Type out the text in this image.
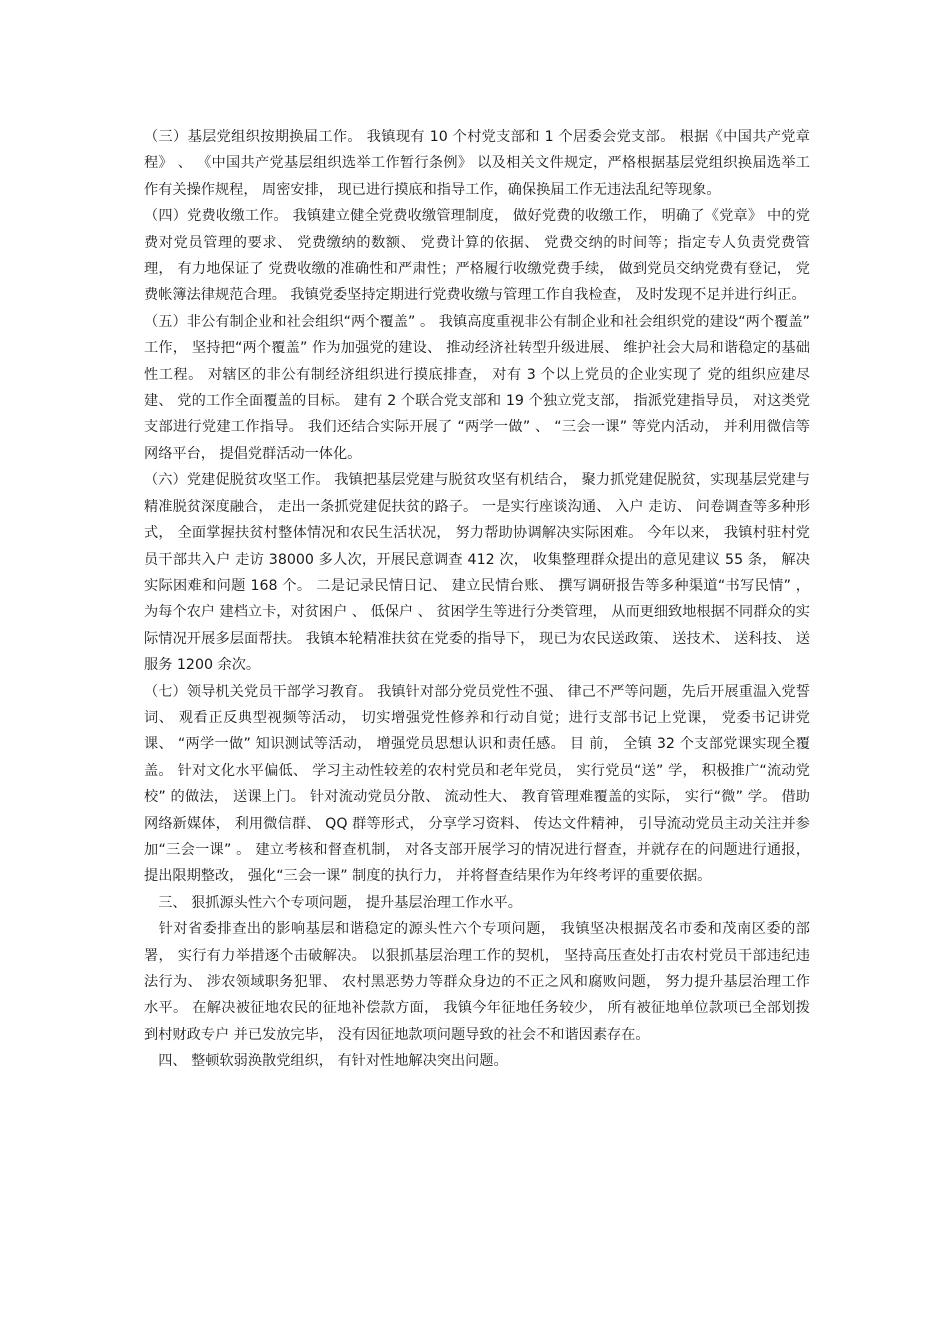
（三）基层党组织按期换届工作。 我镇现有 10 个村党支部和 1 个居委会党支部。 根据《中国共产党章程》 、 《中国共产党基层组织选举工作暂行条例》 以及相关文件规定，严格根据基层党组织换届选举工作有关操作规程， 周密安排， 现已进行摸底和指导工作，确保换届工作无违法乱纪等现象。

（四）党费收缴工作。 我镇建立健全党费收缴管理制度， 做好党费的收缴工作， 明确了《党章》 中的党费对党员管理的要求、 党费缴纳的数额、 党费计算的依据、 党费交纳的时间等；指定专人负责党费管理， 有力地保证了 党费收缴的准确性和严肃性；严格履行收缴党费手续， 做到党员交纳党费有登记， 党费帐簿法律规范合理。 我镇党委坚持定期进行党费收缴与管理工作自我检查， 及时发现不足并进行纠正。

（五）非公有制企业和社会组织“两个覆盖” 。 我镇高度重视非公有制企业和社会组织党的建设“两个覆盖” 工作， 坚持把“两个覆盖” 作为加强党的建设、 推动经济社转型升级进展、 维护社会大局和谐稳定的基础性工程。 对辖区的非公有制经济组织进行摸底排查， 对有 3 个以上党员的企业实现了 党的组织应建尽建、 党的工作全面覆盖的目标。 建有 2 个联合党支部和 19 个独立党支部， 指派党建指导员， 对这类党支部进行党建工作指导。 我们还结合实际开展了 “两学一做” 、 “三会一课” 等党内活动， 并利用微信等网络平台， 提倡党群活动一体化。

（六）党建促脱贫攻坚工作。 我镇把基层党建与脱贫攻坚有机结合， 聚力抓党建促脱贫，实现基层党建与精准脱贫深度融合， 走出一条抓党建促扶贫的路子。 一是实行座谈沟通、 入户 走访、 问卷调查等多种形式， 全面掌握扶贫村整体情况和农民生活状况， 努力帮助协调解决实际困难。 今年以来， 我镇村驻村党员干部共入户 走访 38000 多人次，开展民意调查 412 次， 收集整理群众提出的意见建议 55 条， 解决实际困难和问题 168 个。 二是记录民情日记、 建立民情台账、 撰写调研报告等多种渠道“书写民情” ， 为每个农户 建档立卡，对贫困户 、 低保户 、 贫困学生等进行分类管理， 从而更细致地根据不同群众的实际情况开展多层面帮扶。 我镇本轮精准扶贫在党委的指导下， 现已为农民送政策、 送技术、 送科技、 送服务 1200 余次。

（七）领导机关党员干部学习教育。 我镇针对部分党员党性不强、 律己不严等问题，先后开展重温入党誓词、 观看正反典型视频等活动， 切实增强党性修养和行动自觉；进行支部书记上党课， 党委书记讲党课、 “两学一做” 知识测试等活动， 增强党员思想认识和责任感。 目 前， 全镇 32 个支部党课实现全覆盖。 针对文化水平偏低、 学习主动性较差的农村党员和老年党员， 实行党员“送” 学， 积极推广“流动党校” 的做法， 送课上门。 针对流动党员分散、 流动性大、 教育管理难覆盖的实际， 实行“微” 学。 借助网络新媒体， 利用微信群、 QQ 群等形式， 分享学习资料、 传达文件精神， 引导流动党员主动关注并参加“三会一课” 。 建立考核和督查机制， 对各支部开展学习的情况进行督查，并就存在的问题进行通报， 提出限期整改， 强化“三会一课” 制度的执行力， 并将督查结果作为年终考评的重要依据。

　三、 狠抓源头性六个专项问题， 提升基层治理工作水平。

　针对省委排查出的影响基层和谐稳定的源头性六个专项问题， 我镇坚决根据茂名市委和茂南区委的部署， 实行有力举措逐个击破解决。 以狠抓基层治理工作的契机， 坚持高压查处打击农村党员干部违纪违法行为、 涉农领域职务犯罪、 农村黑恶势力等群众身边的不正之风和腐败问题， 努力提升基层治理工作水平。 在解决被征地农民的征地补偿款方面， 我镇今年征地任务较少， 所有被征地单位款项已全部划拨到村财政专户 并已发放完毕， 没有因征地款项问题导致的社会不和谐因素存在。

　四、 整顿软弱涣散党组织， 有针对性地解决突出问题。
